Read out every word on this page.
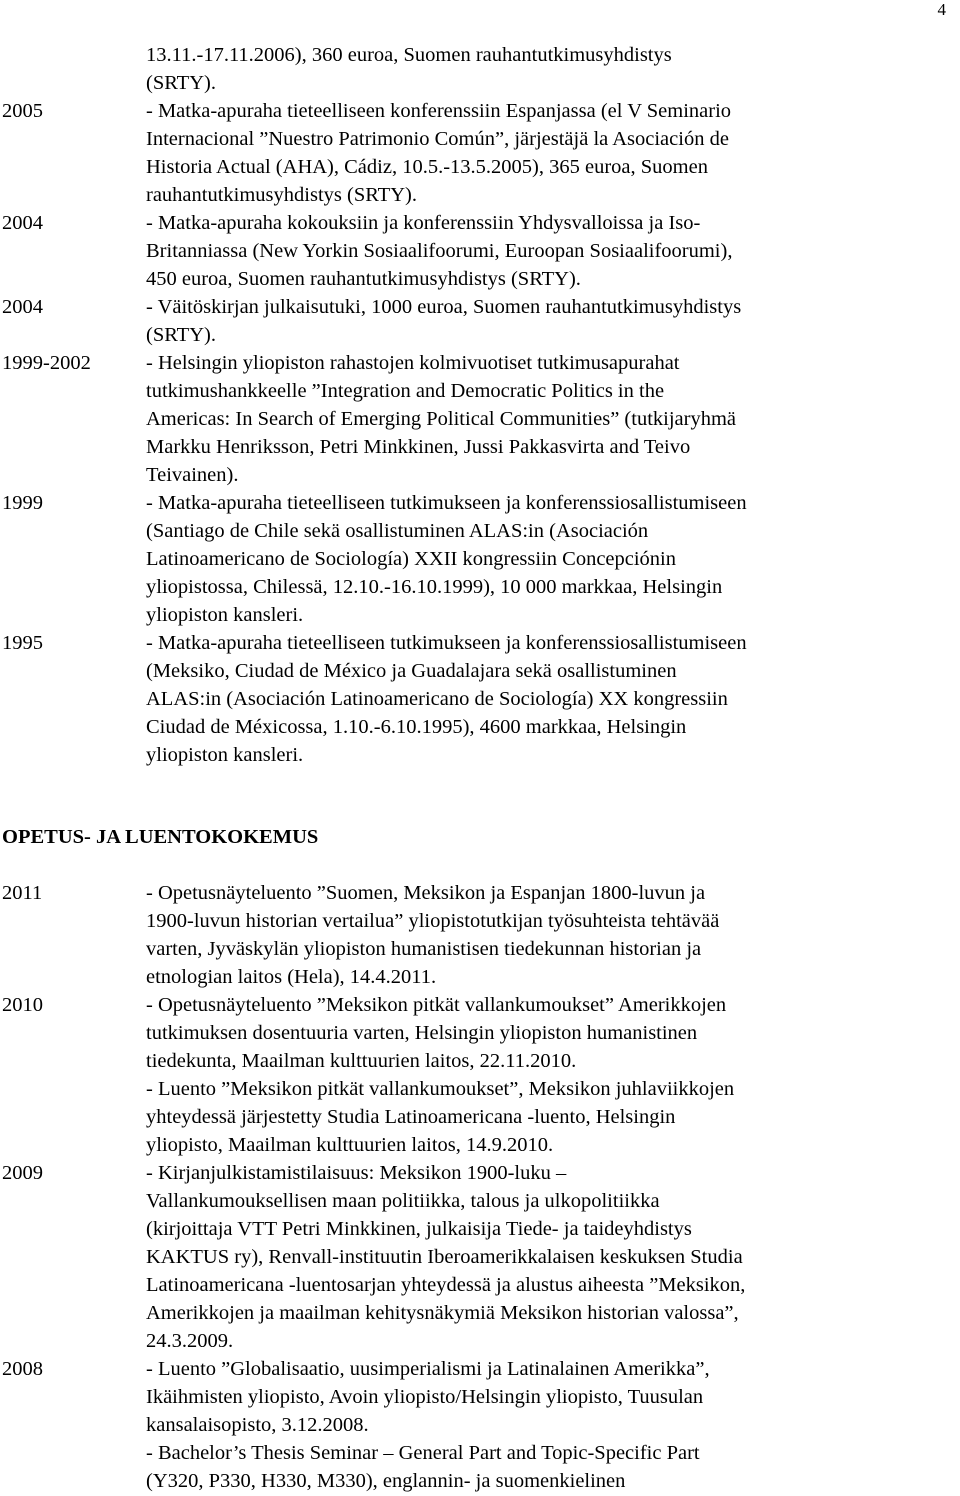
4
13.11.-17.11.2006), 360 euroa, Suomen rauhantutkimusyhdistys
(SRTY).
2005	- Matka-apuraha tieteelliseen konferenssiin Espanjassa (el V Seminario
Internacional ”Nuestro Patrimonio Común”, järjestäjä la Asociación de
Historia Actual (AHA), Cádiz, 10.5.-13.5.2005), 365 euroa, Suomen
rauhantutkimusyhdistys (SRTY).
2004	- Matka-apuraha kokouksiin ja konferenssiin Yhdysvalloissa ja Iso-
Britanniassa (New Yorkin Sosiaalifoorumi, Euroopan Sosiaalifoorumi),
450 euroa, Suomen rauhantutkimusyhdistys (SRTY).
2004	- Väitöskirjan julkaisutuki, 1000 euroa, Suomen rauhantutkimusyhdistys
(SRTY).
1999-2002	- Helsingin yliopiston rahastojen kolmivuotiset tutkimusapurahat
tutkimushankkeelle ”Integration and Democratic Politics in the
Americas: In Search of Emerging Political Communities” (tutkijaryhmä
Markku Henriksson, Petri Minkkinen, Jussi Pakkasvirta and Teivo
Teivainen).
1999	- Matka-apuraha tieteelliseen tutkimukseen ja konferenssiosallistumiseen
(Santiago de Chile sekä osallistuminen ALAS:in (Asociación
Latinoamericano de Sociología) XXII kongressiin Concepciónin
yliopistossa, Chilessä, 12.10.-16.10.1999), 10 000 markkaa, Helsingin
yliopiston kansleri.
1995	- Matka-apuraha tieteelliseen tutkimukseen ja konferenssiosallistumiseen
(Meksiko, Ciudad de México ja Guadalajara sekä osallistuminen
ALAS:in (Asociación Latinoamericano de Sociología) XX kongressiin
Ciudad de Méxicossa, 1.10.-6.10.1995), 4600 markkaa, Helsingin
yliopiston kansleri.
OPETUS- JA LUENTOKOKEMUS
2011	- Opetusnäyteluento ”Suomen, Meksikon ja Espanjan 1800-luvun ja
1900-luvun historian vertailua” yliopistotutkijan työsuhteista tehtävää
varten, Jyväskylän yliopiston humanistisen tiedekunnan historian ja
etnologian laitos (Hela), 14.4.2011.
2010	- Opetusnäyteluento ”Meksikon pitkät vallankumoukset” Amerikkojen
tutkimuksen dosentuuria varten, Helsingin yliopiston humanistinen
tiedekunta, Maailman kulttuurien laitos, 22.11.2010.
- Luento ”Meksikon pitkät vallankumoukset”, Meksikon juhlaviikkojen
yhteydessä järjestetty Studia Latinoamericana -luento, Helsingin
yliopisto, Maailman kulttuurien laitos, 14.9.2010.
2009	- Kirjanjulkistamistilaisuus: Meksikon 1900-luku –
Vallankumouksellisen maan politiikka, talous ja ulkopolitiikka
(kirjoittaja VTT Petri Minkkinen, julkaisija Tiede- ja taideyhdistys
KAKTUS ry), Renvall-instituutin Iberoamerikkalaisen keskuksen Studia
Latinoamericana -luentosarjan yhteydessä ja alustus aiheesta ”Meksikon,
Amerikkojen ja maailman kehitysnäkymiä Meksikon historian valossa”,
24.3.2009.
2008	- Luento ”Globalisaatio, uusimperialismi ja Latinalainen Amerikka”,
Ikäihmisten yliopisto, Avoin yliopisto/Helsingin yliopisto, Tuusulan
kansalaisopisto, 3.12.2008.
- Bachelor’s Thesis Seminar – General Part and Topic-Specific Part
(Y320, P330, H330, M330), englannin- ja suomenkielinen
